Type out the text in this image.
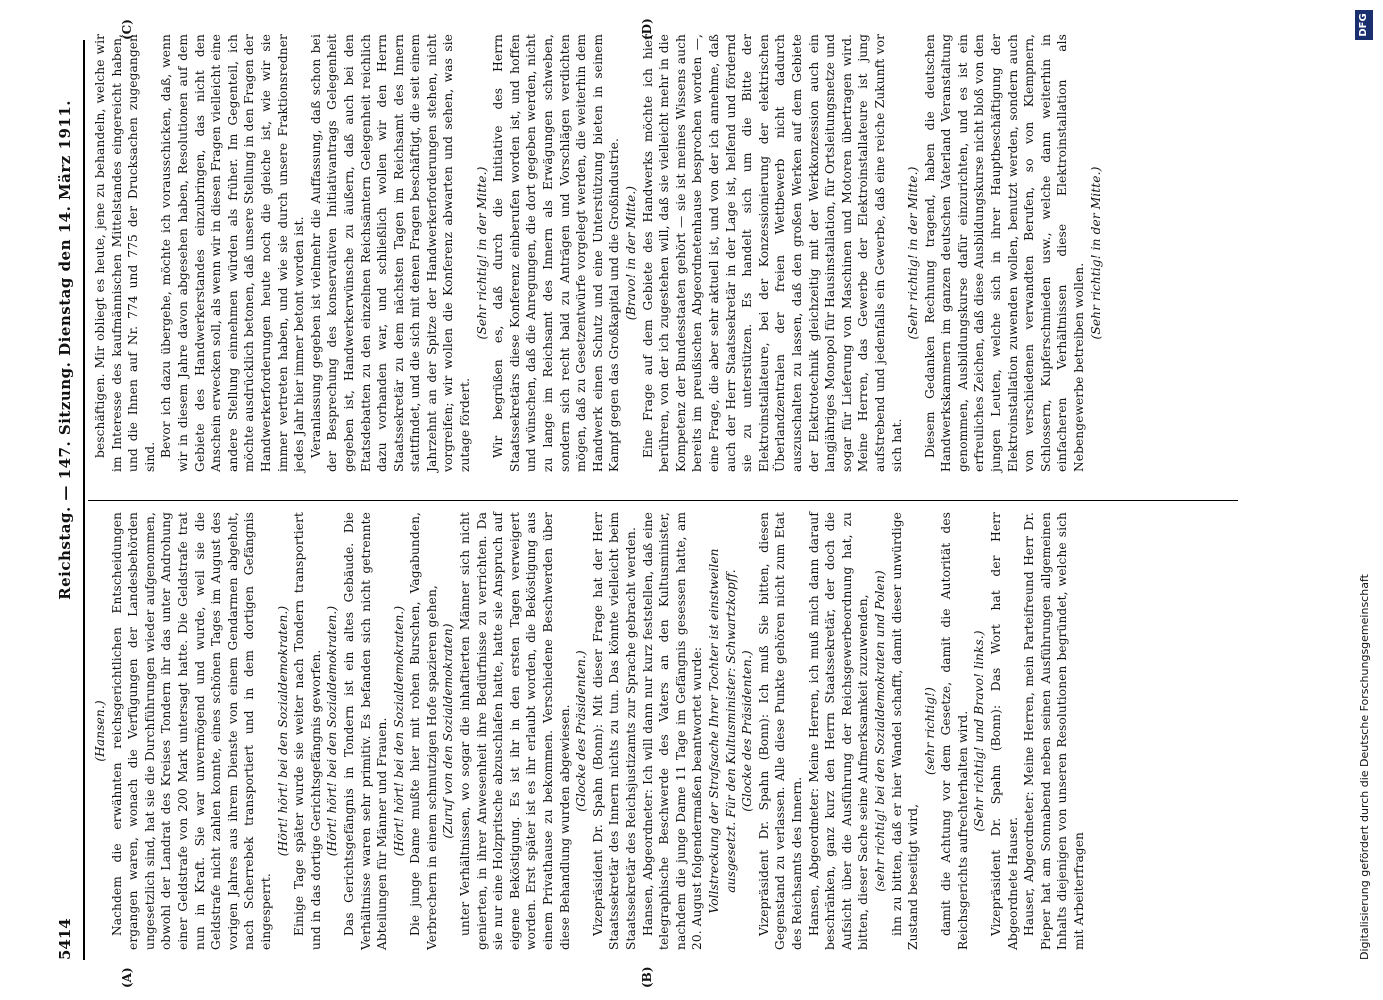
5414
Reichstag. — 147. Sitzung. Dienstag den 14. März 1911.
(A)	(B)
(C)	(D)

(Hansen.) Nachdem die erwähnten reichsgerichtlichen Entscheidungen ergangen waren, wonach die Verfügungen der Landesbehörden ungesetzlich sind, hat sie die Durchführungen wieder aufgenommen, obwohl der Landrat des Kreises Tondern ihr das unter Androhung einer Geldstrafe von 200 Mark untersagt hatte. Die Geldstrafe trat nun in Kraft. Sie war unvermögend und wurde, weil sie die Geldstrafe nicht zahlen konnte, eines schönen Tages im August des vorigen Jahres aus ihrem Dienste von einem Gendarmen abgeholt, nach Scherrebek transportiert und in dem dortigen Gefängnis eingesperrt.

(Hört! hört! bei den Sozialdemokraten.) Einige Tage später wurde sie weiter nach Tondern transportiert und in das dortige Gerichtsgefängnis geworfen. (Hört! hört! bei den Sozialdemokraten.) Das Gerichtsgefängnis in Tondern ist ein altes Gebäude. Die Verhältnisse waren sehr primitiv. Es befanden sich nicht getrennte Abteilungen für Männer und Frauen. (Hört! hört! bei den Sozialdemokraten.) Die junge Dame mußte hier mit rohen Burschen, Vagabunden, Verbrechern in einem schmutzigen Hofe spazieren gehen, (Zuruf von den Sozialdemokraten) unter Verhältnissen, wo sogar die inhaftierten Männer sich nicht genierten, in ihrer Anwesenheit ihre Bedürfnisse zu verrichten. Da sie nur eine Holzpritsche abzuschlafen hatte, hatte sie Anspruch auf eigene Beköstigung. Es ist ihr in den ersten Tagen verweigert worden. Erst später ist es ihr erlaubt worden, die Beköstigung aus einem Privathause zu bekommen. Verschiedene Beschwerden über diese Behandlung wurden abgewiesen. (Glocke des Präsidenten.) Vizepräsident Dr. Spahn (Bonn): Mit dieser Frage hat der Herr Staatssekretär des Innern nichts zu tun. Das könnte vielleicht beim Staatssekretär des Reichsjustizamts zur Sprache gebracht werden. Hansen, Abgeordneter: Ich will dann nur kurz feststellen, daß eine telegraphische Beschwerde des Vaters an den Kultusminister, nachdem die junge Dame 11 Tage im Gefängnis gesessen hatte, am 20. August folgendermaßen beantwortet wurde: Vollstreckung der Strafsache Ihrer Tochter ist einstweilen ausgesetzt. Für den Kultusminister: Schwartzkopff. (Glocke des Präsidenten.) Vizepräsident Dr. Spahn (Bonn): Ich muß Sie bitten, diesen Gegenstand zu verlassen. Alle diese Punkte gehören nicht zum Etat des Reichsamts des Innern. Hansen, Abgeordneter: Meine Herren, ich muß mich dann darauf beschränken, ganz kurz den Herrn Staatssekretär, der doch die Aufsicht über die Ausführung der Reichsgewerbeordnung hat, zu bitten, dieser Sache seine Aufmerksamkeit zuzuwenden, (sehr richtig! bei den Sozialdemokraten und Polen) ihn zu bitten, daß er hier Wandel schafft, damit dieser unwürdige Zustand beseitigt wird,

(sehr richtig!) damit die Achtung vor dem Gesetze, damit die Autorität des Reichsgerichts aufrechterhalten wird. (Sehr richtig! und Bravo! links.) Vizepräsident Dr. Spahn (Bonn): Das Wort hat der Herr Abgeordnete Hauser. Hauser, Abgeordneter: Meine Herren, mein Parteifreund Herr Dr. Pieper hat am Sonnabend neben seinen Ausführungen allgemeinen Inhalts diejenigen von unseren Resolutionen begründet, welche sich mit Arbeiterfragen

beschäftigen. Mir obliegt es heute, jene zu behandeln, welche wir im Interesse des kaufmännischen Mittelstandes eingereicht haben, und die Ihnen auf Nr. 774 und 775 der Drucksachen zugegangen sind. Bevor ich dazu übergehe, möchte ich vorausschicken, daß, wenn wir in diesem Jahre davon abgesehen haben, Resolutionen auf dem Gebiete des Handwerkerstandes einzubringen, das nicht den Anschein erwecken soll, als wenn wir in diesen Fragen vielleicht eine andere Stellung einnehmen würden als früher. Im Gegenteil, ich möchte ausdrücklich betonen, daß unsere Stellung in den Fragen der Handwerkerforderungen heute noch die gleiche ist, wie wir sie immer vertreten haben, und wie sie durch unsere Fraktionsredner jedes Jahr hier immer betont worden ist. Veranlassung gegeben ist vielmehr die Auffassung, daß schon bei der Besprechung des konservativen Initiativantrags Gelegenheit gegeben ist, Handwerkerwünsche zu äußern, daß auch bei den Etatsdebatten zu den einzelnen Reichsämtern Gelegenheit reichlich dazu vorhanden war, und schließlich wollen wir den Herrn Staatssekretär zu dem nächsten Tagen im Reichsamt des Innern stattfindet, und die sich mit denen Fragen beschäftigt, die seit einem Jahrzehnt an der Spitze der Handwerkerforderungen stehen, nicht vorgreifen; wir wollen die Konferenz abwarten und sehen, was sie zutage fördert.

(Sehr richtig! in der Mitte.) Wir begrüßen es, daß durch die Initiative des Herrn Staatssekretärs diese Konferenz einberufen worden ist, und hoffen und wünschen, daß die Anregungen, die dort gegeben werden, nicht zu lange im Reichsamt des Innern als Erwägungen schweben, sondern sich recht bald zu Anträgen und Vorschlägen verdichten mögen, daß zu Gesetzentwürfe vorgelegt werden, die weiterhin dem Handwerk einen Schutz und eine Unterstützung bieten in seinem Kampf gegen das Großkapital und die Großindustrie. (Bravo! in der Mitte.) Eine Frage auf dem Gebiete des Handwerks möchte ich hier berühren, von der ich zugestehen will, daß sie vielleicht mehr in die Kompetenz der Bundesstaaten gehört — sie ist meines Wissens auch bereits im preußischen Abgeordnetenhause besprochen worden —, eine Frage, die aber sehr aktuell ist, und von der ich annehme, daß auch der Herr Staatssekretär in der Lage ist, helfend und fördernd sie zu unterstützen. Es handelt sich um die Bitte der Elektroinstallateure, bei der Konzessionierung der elektrischen Überlandzentralen der freien Wettbewerb nicht dadurch auszuschalten zu lassen, daß den großen Werken auf dem Gebiete der Elektrotechnik gleichzeitig mit der Werkkonzession auch ein langjähriges Monopol für Hausinstallation, für Ortsleitungsnetze und sogar für Lieferung von Maschinen und Motoren übertragen wird. Meine Herren, das Gewerbe der Elektroinstallateure ist jung aufstrebend und jedenfalls ein Gewerbe, daß eine reiche Zukunft vor sich hat.

(Sehr richtig! in der Mitte.) Diesem Gedanken Rechnung tragend, haben die deutschen Handwerkskammern im ganzen deutschen Vaterland Veranstaltung genommen, Ausbildungskurse dafür einzurichten, und es ist ein erfreuliches Zeichen, daß diese Ausbildungskurse nicht bloß von den jungen Leuten, welche sich in ihrer Hauptbeschäftigung der Elektroinstallation zuwenden wollen, benutzt werden, sondern auch von verschiedenen verwandten Berufen, so von Klempnern, Schlossern, Kupferschmieden usw., welche dann weiterhin in einfacheren Verhältnissen diese Elektroinstallation als Nebengewerbe betreiben wollen.

(Sehr richtig! in der Mitte.)

Digitalisierung gefördert durch die Deutsche Forschungsgemeinschaft
DFG
